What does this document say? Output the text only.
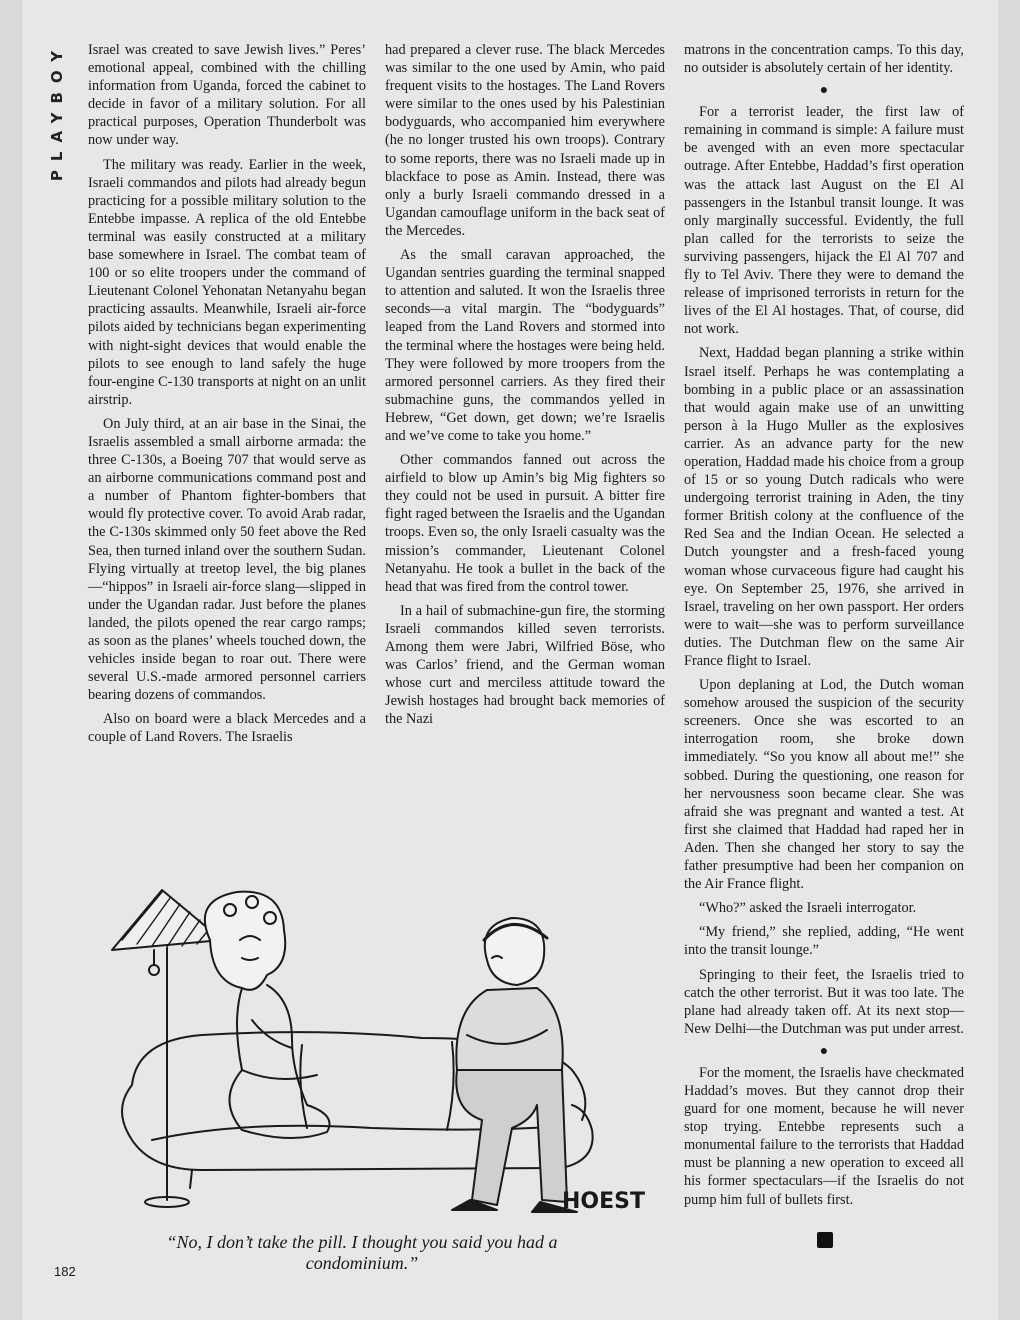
PLAYBOY	Israel was created to save Jewish lives.” Peres’ emotional appeal, combined with the chilling information from Uganda, forced the cabinet to decide in favor of a military solution. For all practical purposes, Operation Thunderbolt was now under way.

The military was ready. Earlier in the week, Israeli commandos and pilots had already begun practicing for a possible military solution to the Entebbe impasse. A replica of the old Entebbe terminal was easily constructed at a military base somewhere in Israel. The combat team of 100 or so elite troopers under the command of Lieutenant Colonel Yehonatan Netanyahu began practicing assaults. Meanwhile, Israeli air-force pilots aided by technicians began experimenting with night-sight devices that would enable the pilots to see enough to land safely the huge four-engine C-130 transports at night on an unlit airstrip.

On July third, at an air base in the Sinai, the Israelis assembled a small airborne armada: the three C-130s, a Boeing 707 that would serve as an airborne communications command post and a number of Phantom fighter-bombers that would fly protective cover. To avoid Arab radar, the C-130s skimmed only 50 feet above the Red Sea, then turned inland over the southern Sudan. Flying virtually at treetop level, the big planes—“hippos” in Israeli air-force slang—slipped in under the Ugandan radar. Just before the planes landed, the pilots opened the rear cargo ramps; as soon as the planes’ wheels touched down, the vehicles inside began to roar out. There were several U.S.-made armored personnel carriers bearing dozens of commandos.

Also on board were a black Mercedes and a couple of Land Rovers. The Israelis

had prepared a clever ruse. The black Mercedes was similar to the one used by Amin, who paid frequent visits to the hostages. The Land Rovers were similar to the ones used by his Palestinian bodyguards, who accompanied him everywhere (he no longer trusted his own troops). Contrary to some reports, there was no Israeli made up in blackface to pose as Amin. Instead, there was only a burly Israeli commando dressed in a Ugandan camouflage uniform in the back seat of the Mercedes.

As the small caravan approached, the Ugandan sentries guarding the terminal snapped to attention and saluted. It won the Israelis three seconds—a vital margin. The “bodyguards” leaped from the Land Rovers and stormed into the terminal where the hostages were being held. They were followed by more troopers from the armored personnel carriers. As they fired their submachine guns, the commandos yelled in Hebrew, “Get down, get down; we’re Israelis and we’ve come to take you home.”

Other commandos fanned out across the airfield to blow up Amin’s big Mig fighters so they could not be used in pursuit. A bitter fire fight raged between the Israelis and the Ugandan troops. Even so, the only Israeli casualty was the mission’s commander, Lieutenant Colonel Netanyahu. He took a bullet in the back of the head that was fired from the control tower.

In a hail of submachine-gun fire, the storming Israeli commandos killed seven terrorists. Among them were Jabri, Wilfried Böse, who was Carlos’ friend, and the German woman whose curt and merciless attitude toward the Jewish hostages had brought back memories of the Nazi

matrons in the concentration camps. To this day, no outsider is absolutely certain of her identity.

●

For a terrorist leader, the first law of remaining in command is simple: A failure must be avenged with an even more spectacular outrage. After Entebbe, Haddad’s first operation was the attack last August on the El Al passengers in the Istanbul transit lounge. It was only marginally successful. Evidently, the full plan called for the terrorists to seize the surviving passengers, hijack the El Al 707 and fly to Tel Aviv. There they were to demand the release of imprisoned terrorists in return for the lives of the El Al hostages. That, of course, did not work.

Next, Haddad began planning a strike within Israel itself. Perhaps he was contemplating a bombing in a public place or an assassination that would again make use of an unwitting person à la Hugo Muller as the explosives carrier. As an advance party for the new operation, Haddad made his choice from a group of 15 or so young Dutch radicals who were undergoing terrorist training in Aden, the tiny former British colony at the confluence of the Red Sea and the Indian Ocean. He selected a Dutch youngster and a fresh-faced young woman whose curvaceous figure had caught his eye. On September 25, 1976, she arrived in Israel, traveling on her own passport. Her orders were to wait—she was to perform surveillance duties. The Dutchman flew on the same Air France flight to Israel.

Upon deplaning at Lod, the Dutch woman somehow aroused the suspicion of the security screeners. Once she was escorted to an interrogation room, she broke down immediately. “So you know all about me!” she sobbed. During the questioning, one reason for her nervousness soon became clear. She was afraid she was pregnant and wanted a test. At first she claimed that Haddad had raped her in Aden. Then she changed her story to say the father presumptive had been her companion on the Air France flight.

“Who?” asked the Israeli interrogator.

“My friend,” she replied, adding, “He went into the transit lounge.”

Springing to their feet, the Israelis tried to catch the other terrorist. But it was too late. The plane had already taken off. At its next stop—New Delhi—the Dutchman was put under arrest.

●

For the moment, the Israelis have checkmated Haddad’s moves. But they cannot drop their guard for one moment, because he will never stop trying. Entebbe represents such a monumental failure to the terrorists that Haddad must be planning a new operation to exceed all his former spectaculars—if the Israelis do not pump him full of bullets first.

HOEST
“No, I don’t take the pill. I thought you said you had a condominium.”
182
